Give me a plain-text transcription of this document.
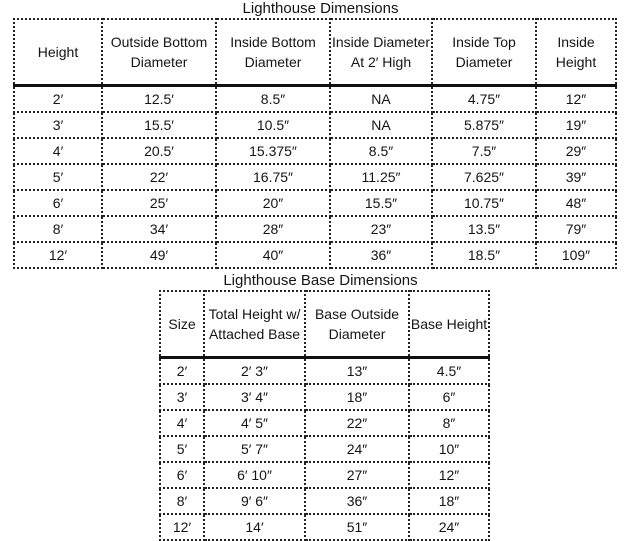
Lighthouse Dimensions
Height	Outside Bottom Diameter	Inside Bottom Diameter	Inside Diameter At 2′ High	Inside Top Diameter	Inside Height
2′	12.5′	8.5″	NA	4.75″	12″
3′	15.5′	10.5″	NA	5.875″	19″
4′	20.5′	15.375″	8.5″	7.5″	29″
5′	22′	16.75″	11.25″	7.625″	39″
6′	25′	20″	15.5″	10.75″	48″
8′	34′	28″	23″	13.5″	79″
12′	49′	40″	36″	18.5″	109″
Lighthouse Base Dimensions
Size	Total Height w/ Attached Base	Base Outside Diameter	Base Height
2′	2′ 3″	13″	4.5″
3′	3′ 4″	18″	6″
4′	4′ 5″	22″	8″
5′	5′ 7″	24″	10″
6′	6′ 10″	27″	12″
8′	9′ 6″	36″	18″
12′	14′	51″	24″
